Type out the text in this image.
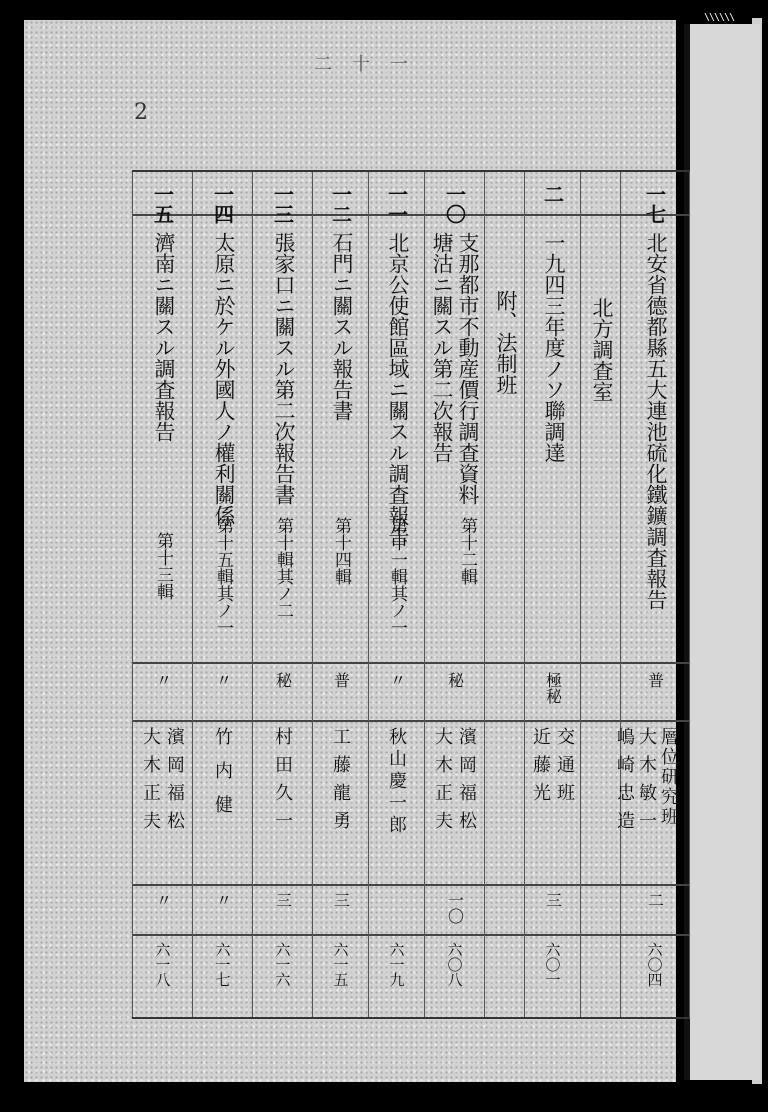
\\\\\\
二十一
2
一七
北安省德都縣五大連池硫化鐵鑛調査報告
普
層位研究班
大木敏一
嶋崎忠造
二
六〇四
北方調査室
二
一九四三年度ノソ聯調達
極秘
交通班
近藤光
三
六〇一
附、法制班
一〇
支那都市不動産價行調査資料
塘沽ニ關スル第二次報告
第十二輯
秘
濱岡福松
大木正夫
一〇
六〇八
一一
北京公使館區域ニ關スル調査報告
第十一輯其ノ一
〃
秋山慶一郎
六一九
一二
石門ニ關スル報告書
第十四輯
普
工藤龍勇
三
六一五
一三
張家口ニ關スル第二次報告書
第十輯其ノ二
秘
村田久一
三
六一六
一四
太原ニ於ケル外國人ノ權利關係
第十五輯其ノ一
〃
竹内健
〃
六一七
一五
濟南ニ關スル調査報告
第十三輯
〃
濱岡福松
大木正夫
〃
六一八
